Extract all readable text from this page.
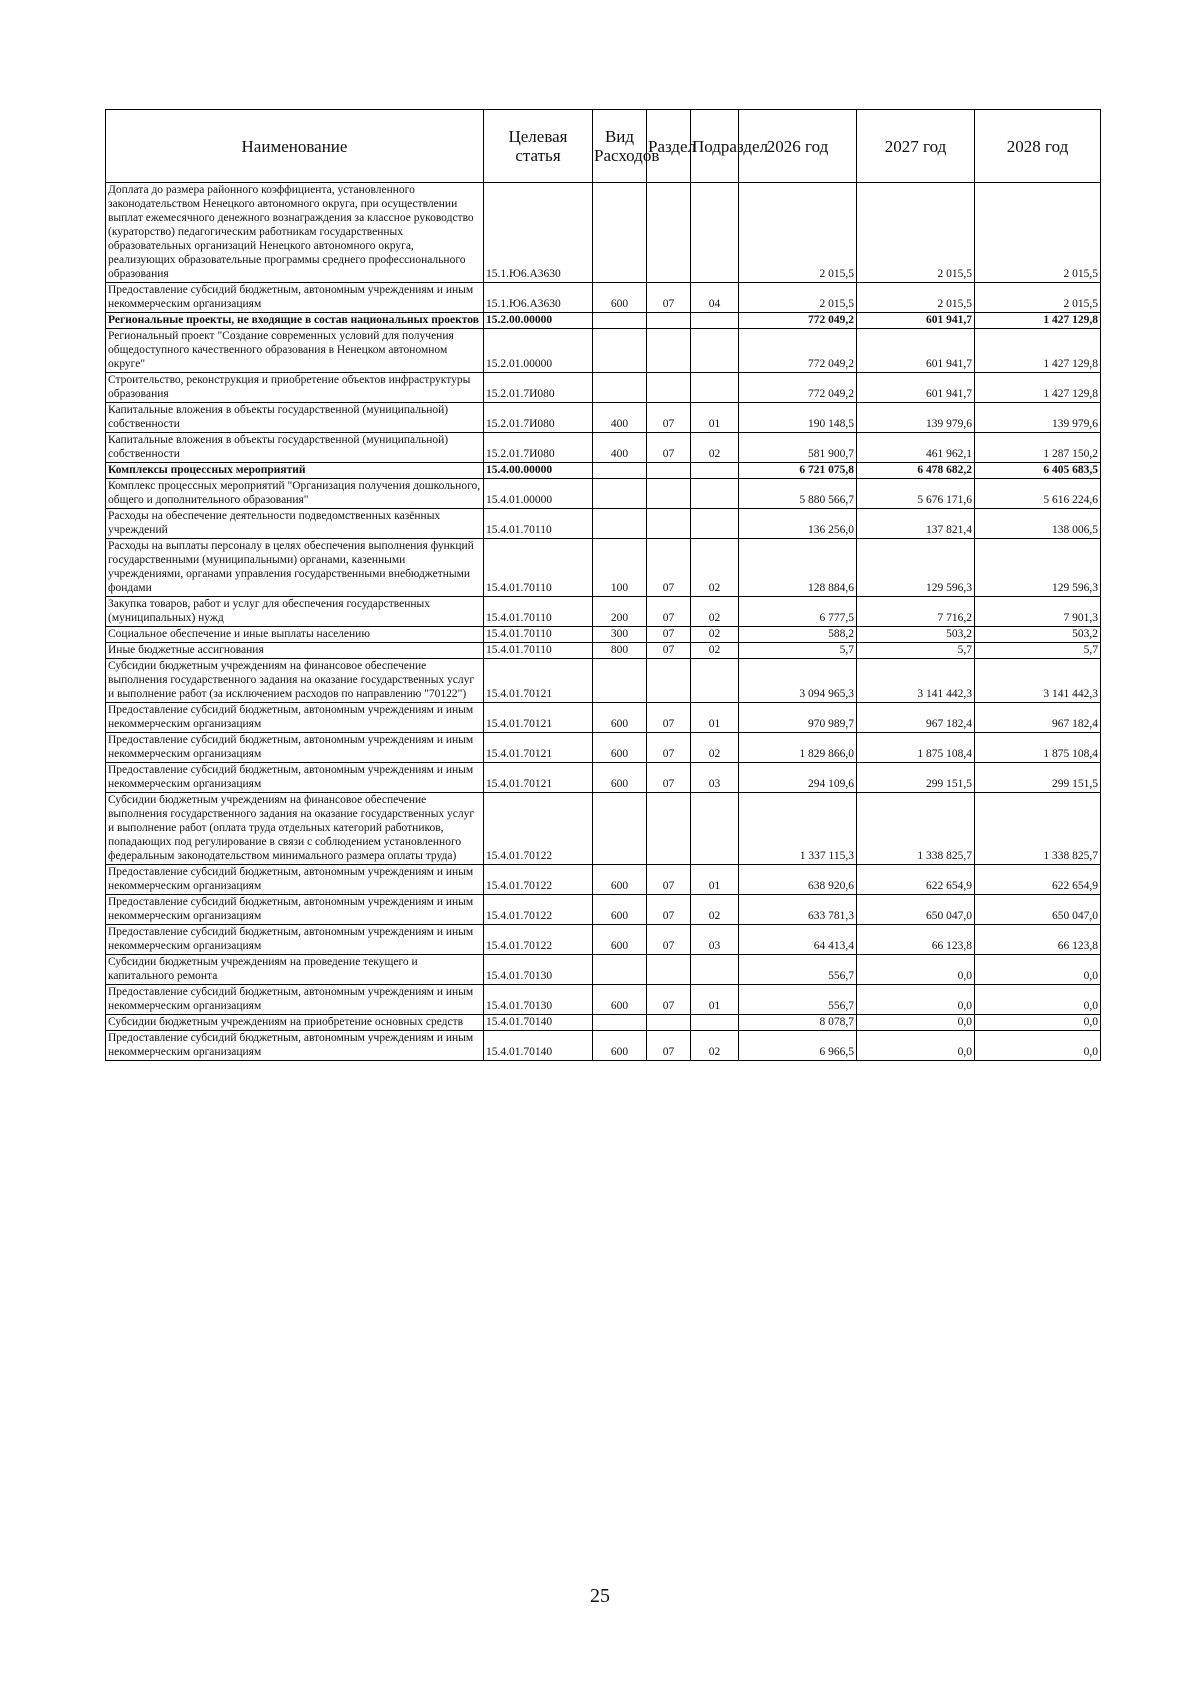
Наименование	Целевая статья	Вид Расходов	Раздел	Подраздел	2026 год	2027 год	2028 год
Доплата до размера районного коэффициента, установленного законодательством Ненецкого автономного округа, при осуществлении выплат ежемесячного денежного вознаграждения за классное руководство (кураторство) педагогическим работникам государственных образовательных организаций Ненецкого автономного округа, реализующих образовательные программы среднего профессионального образования	15.1.Ю6.А3630				2 015,5	2 015,5	2 015,5
Предоставление субсидий бюджетным, автономным учреждениям и иным некоммерческим организациям	15.1.Ю6.А3630	600	07	04	2 015,5	2 015,5	2 015,5
Региональные проекты, не входящие в состав национальных проектов	15.2.00.00000				772 049,2	601 941,7	1 427 129,8
Региональный проект "Создание современных условий для получения общедоступного качественного образования в Ненецком автономном округе"	15.2.01.00000				772 049,2	601 941,7	1 427 129,8
Строительство, реконструкция и приобретение объектов инфраструктуры образования	15.2.01.7И080				772 049,2	601 941,7	1 427 129,8
Капитальные вложения в объекты государственной (муниципальной) собственности	15.2.01.7И080	400	07	01	190 148,5	139 979,6	139 979,6
Капитальные вложения в объекты государственной (муниципальной) собственности	15.2.01.7И080	400	07	02	581 900,7	461 962,1	1 287 150,2
Комплексы процессных мероприятий	15.4.00.00000				6 721 075,8	6 478 682,2	6 405 683,5
Комплекс процессных мероприятий "Организация получения дошкольного, общего и дополнительного образования"	15.4.01.00000				5 880 566,7	5 676 171,6	5 616 224,6
Расходы на обеспечение деятельности подведомственных казённых учреждений	15.4.01.70110				136 256,0	137 821,4	138 006,5
Расходы на выплаты персоналу в целях обеспечения выполнения функций государственными (муниципальными) органами, казенными учреждениями, органами управления государственными внебюджетными фондами	15.4.01.70110	100	07	02	128 884,6	129 596,3	129 596,3
Закупка товаров, работ и услуг для обеспечения государственных (муниципальных) нужд	15.4.01.70110	200	07	02	6 777,5	7 716,2	7 901,3
Социальное обеспечение и иные выплаты населению	15.4.01.70110	300	07	02	588,2	503,2	503,2
Иные бюджетные ассигнования	15.4.01.70110	800	07	02	5,7	5,7	5,7
Субсидии бюджетным учреждениям на финансовое обеспечение выполнения государственного задания на оказание государственных услуг и выполнение работ (за исключением расходов по направлению "70122")	15.4.01.70121				3 094 965,3	3 141 442,3	3 141 442,3
Предоставление субсидий бюджетным, автономным учреждениям и иным некоммерческим организациям	15.4.01.70121	600	07	01	970 989,7	967 182,4	967 182,4
Предоставление субсидий бюджетным, автономным учреждениям и иным некоммерческим организациям	15.4.01.70121	600	07	02	1 829 866,0	1 875 108,4	1 875 108,4
Предоставление субсидий бюджетным, автономным учреждениям и иным некоммерческим организациям	15.4.01.70121	600	07	03	294 109,6	299 151,5	299 151,5
Субсидии бюджетным учреждениям на финансовое обеспечение выполнения государственного задания на оказание государственных услуг и выполнение работ (оплата труда отдельных категорий работников, попадающих под регулирование в связи с соблюдением установленного федеральным законодательством минимального размера оплаты труда)	15.4.01.70122				1 337 115,3	1 338 825,7	1 338 825,7
Предоставление субсидий бюджетным, автономным учреждениям и иным некоммерческим организациям	15.4.01.70122	600	07	01	638 920,6	622 654,9	622 654,9
Предоставление субсидий бюджетным, автономным учреждениям и иным некоммерческим организациям	15.4.01.70122	600	07	02	633 781,3	650 047,0	650 047,0
Предоставление субсидий бюджетным, автономным учреждениям и иным некоммерческим организациям	15.4.01.70122	600	07	03	64 413,4	66 123,8	66 123,8
Субсидии бюджетным учреждениям на проведение текущего и капитального ремонта	15.4.01.70130				556,7	0,0	0,0
Предоставление субсидий бюджетным, автономным учреждениям и иным некоммерческим организациям	15.4.01.70130	600	07	01	556,7	0,0	0,0
Субсидии бюджетным учреждениям на приобретение основных средств	15.4.01.70140				8 078,7	0,0	0,0
Предоставление субсидий бюджетным, автономным учреждениям и иным некоммерческим организациям	15.4.01.70140	600	07	02	6 966,5	0,0	0,0
25
